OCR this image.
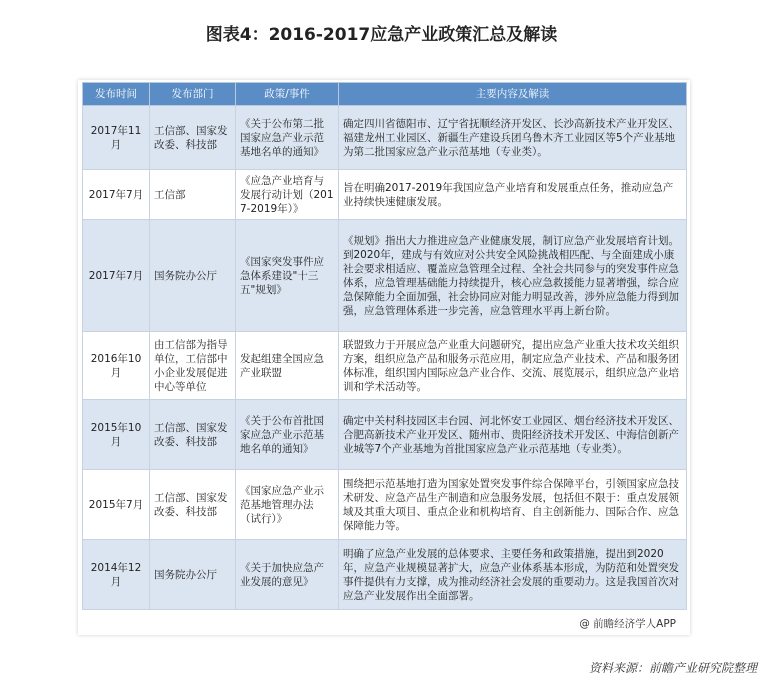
图表4：2016-2017应急产业政策汇总及解读
发布时间	发布部门	政策/事件	主要内容及解读
2017年11月	工信部、国家发改委、科技部	《关于公布第二批国家应急产业示范基地名单的通知》	确定四川省德阳市、辽宁省抚顺经济开发区、长沙高新技术产业开发区、福建龙州工业园区、新疆生产建设兵团乌鲁木齐工业园区等5个产业基地为第二批国家应急产业示范基地（专业类）。
2017年7月	工信部	《应急产业培育与发展行动计划（2017-2019年）》	旨在明确2017-2019年我国应急产业培育和发展重点任务，推动应急产业持续快速健康发展。
2017年7月	国务院办公厅	《国家突发事件应急体系建设"十三五"规划》	《规划》指出大力推进应急产业健康发展，制订应急产业发展培育计划。到2020年，建成与有效应对公共安全风险挑战相匹配、与全面建成小康社会要求相适应、覆盖应急管理全过程、全社会共同参与的突发事件应急体系，应急管理基础能力持续提升，核心应急救援能力显著增强，综合应急保障能力全面加强，社会协同应对能力明显改善，涉外应急能力得到加强，应急管理体系进一步完善，应急管理水平再上新台阶。
2016年10月	由工信部为指导单位，工信部中小企业发展促进中心等单位	发起组建全国应急产业联盟	联盟致力于开展应急产业重大问题研究，提出应急产业重大技术攻关组织方案，组织应急产品和服务示范应用，制定应急产业技术、产品和服务团体标准，组织国内国际应急产业合作、交流、展览展示，组织应急产业培训和学术活动等。
2015年10月	工信部、国家发改委、科技部	《关于公布首批国家应急产业示范基地名单的通知》	确定中关村科技园区丰台园、河北怀安工业园区、烟台经济技术开发区、合肥高新技术产业开发区、随州市、贵阳经济技术开发区、中海信创新产业城等7个产业基地为首批国家应急产业示范基地（专业类）。
2015年7月	工信部、国家发改委、科技部	《国家应急产业示范基地管理办法（试行）》	围绕把示范基地打造为国家处置突发事件综合保障平台，引领国家应急技术研发、应急产品生产制造和应急服务发展，包括但不限于：重点发展领域及其重大项目、重点企业和机构培育、自主创新能力、国际合作、应急保障能力等。
2014年12月	国务院办公厅	《关于加快应急产业发展的意见》	明确了应急产业发展的总体要求、主要任务和政策措施，提出到2020年，应急产业规模显著扩大，应急产业体系基本形成，为防范和处置突发事件提供有力支撑，成为推动经济社会发展的重要动力。这是我国首次对应急产业发展作出全面部署。
@ 前瞻经济学人APP
资料来源：前瞻产业研究院整理
